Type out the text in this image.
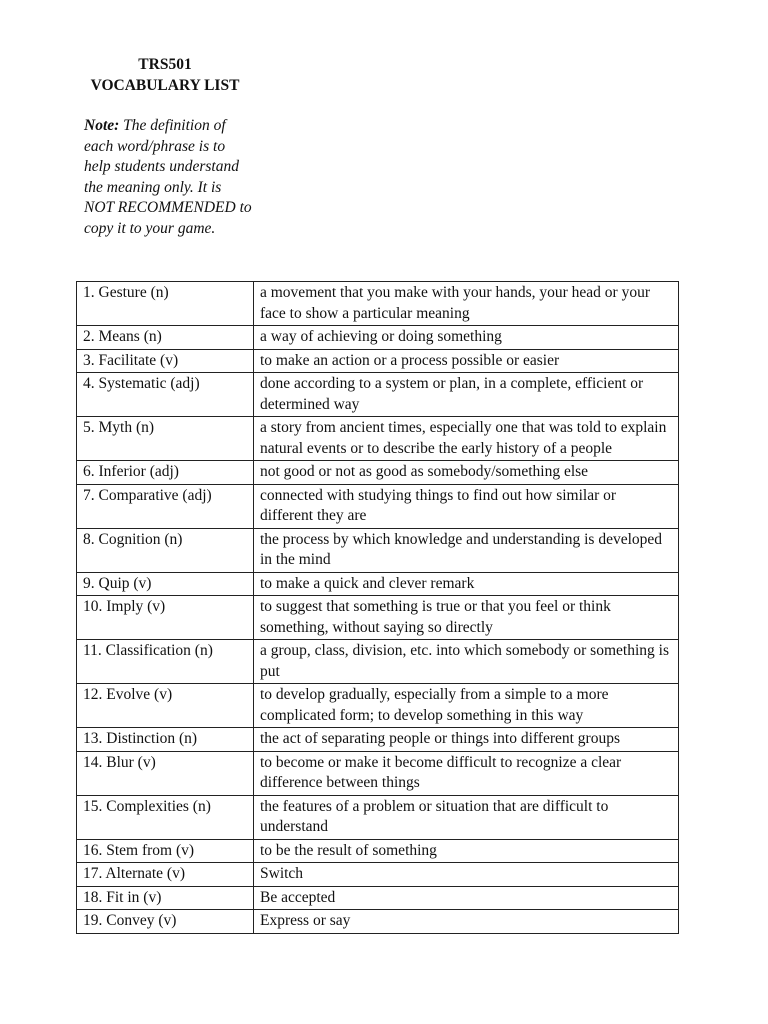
TRS501
VOCABULARY LIST
Note: The definition of each word/phrase is to help students understand the meaning only. It is NOT RECOMMENDED to copy it to your game.
1. Gesture (n)	a movement that you make with your hands, your head or your face to show a particular meaning
2. Means (n)	a way of achieving or doing something
3. Facilitate (v)	to make an action or a process possible or easier
4. Systematic (adj)	done according to a system or plan, in a complete, efficient or determined way
5. Myth (n)	a story from ancient times, especially one that was told to explain natural events or to describe the early history of a people
6. Inferior (adj)	not good or not as good as somebody/something else
7. Comparative (adj)	connected with studying things to find out how similar or different they are
8. Cognition (n)	the process by which knowledge and understanding is developed in the mind
9. Quip (v)	to make a quick and clever remark
10. Imply (v)	to suggest that something is true or that you feel or think something, without saying so directly
11. Classification (n)	a group, class, division, etc. into which somebody or something is put
12. Evolve (v)	to develop gradually, especially from a simple to a more complicated form; to develop something in this way
13. Distinction (n)	the act of separating people or things into different groups
14. Blur (v)	to become or make it become difficult to recognize a clear difference between things
15. Complexities (n)	the features of a problem or situation that are difficult to understand
16. Stem from (v)	to be the result of something
17. Alternate (v)	Switch
18. Fit in (v)	Be accepted
19. Convey (v)	Express or say
